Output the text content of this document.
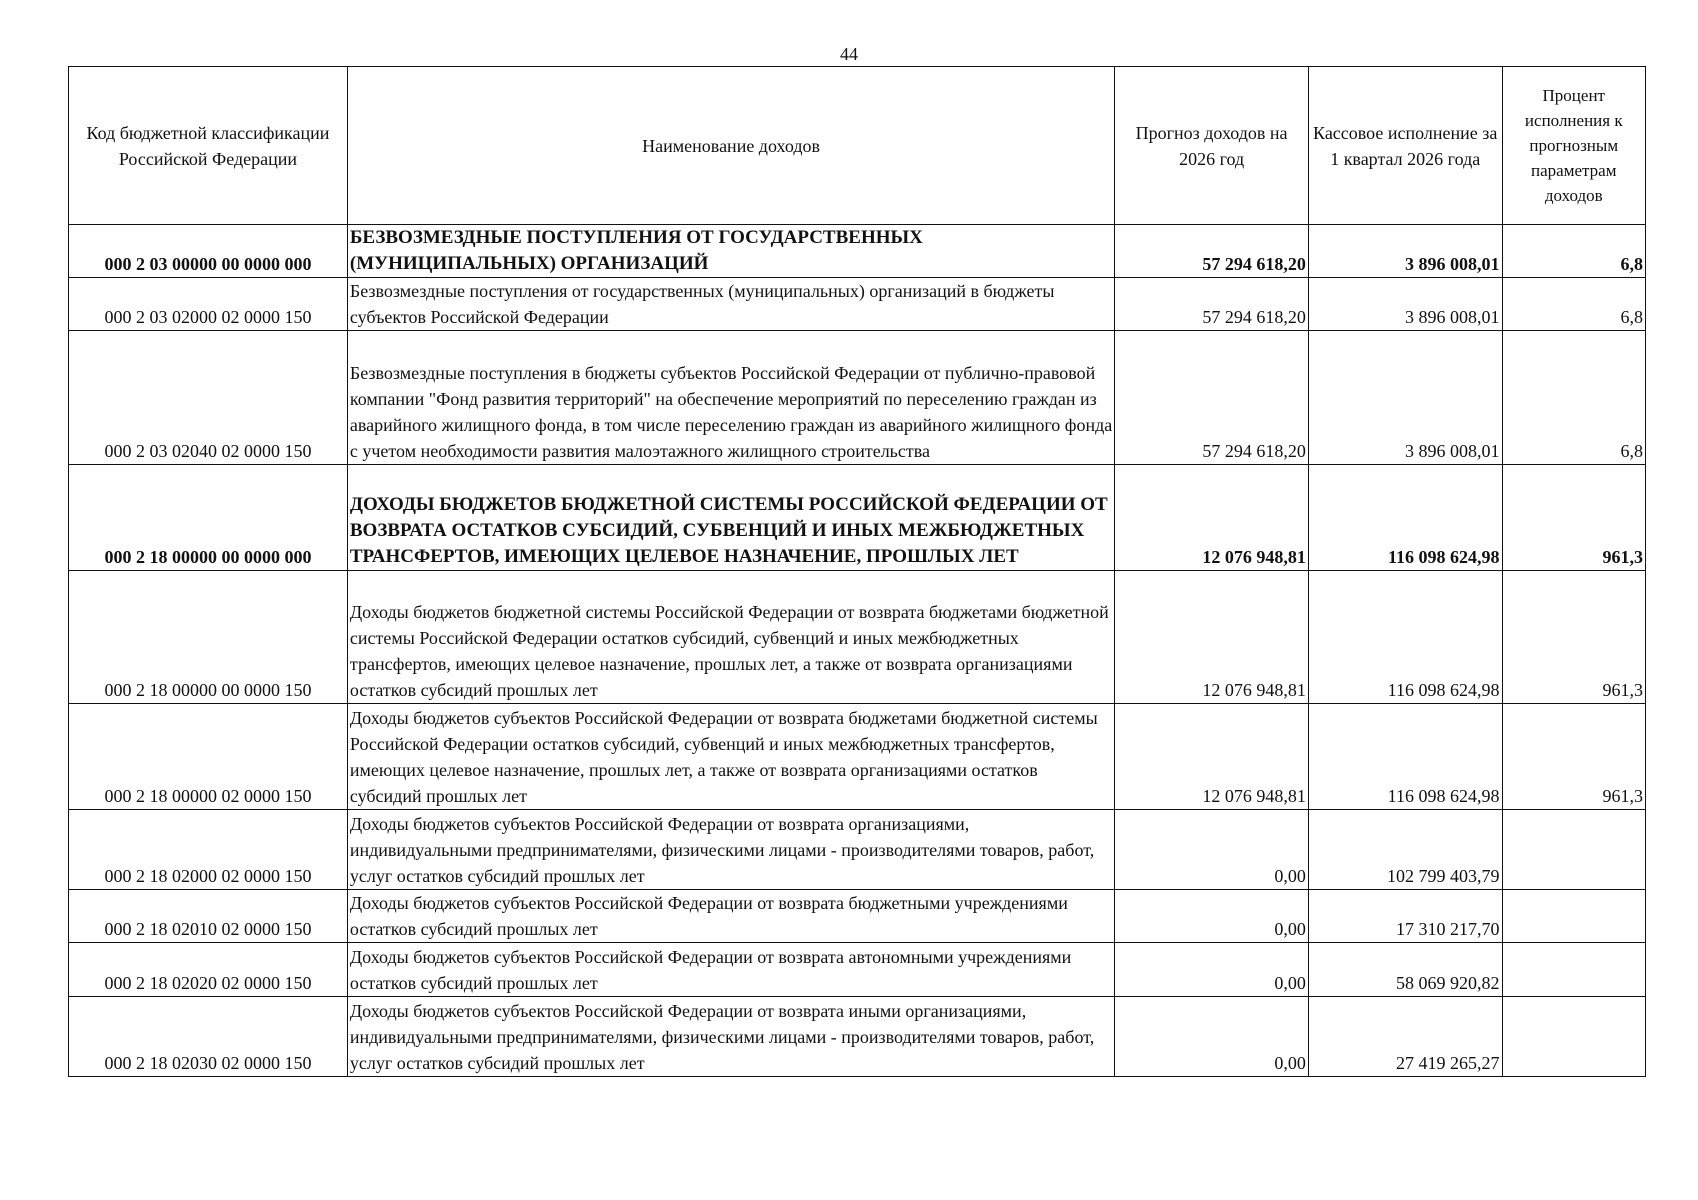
44
Код бюджетной классификации Российской Федерации	Наименование доходов	Прогноз доходов на 2026 год	Кассовое исполнение за 1 квартал 2026 года	Процент исполнения к прогнозным параметрам доходов
000 2 03 00000 00 0000 000	БЕЗВОЗМЕЗДНЫЕ ПОСТУПЛЕНИЯ ОТ ГОСУДАРСТВЕННЫХ (МУНИЦИПАЛЬНЫХ) ОРГАНИЗАЦИЙ	57 294 618,20	3 896 008,01	6,8
000 2 03 02000 02 0000 150	Безвозмездные поступления от государственных (муниципальных) организаций в бюджеты субъектов Российской Федерации	57 294 618,20	3 896 008,01	6,8
000 2 03 02040 02 0000 150	Безвозмездные поступления в бюджеты субъектов Российской Федерации от публично-правовой компании "Фонд развития территорий" на обеспечение мероприятий по переселению граждан из аварийного жилищного фонда, в том числе переселению граждан из аварийного жилищного фонда с учетом необходимости развития малоэтажного жилищного строительства	57 294 618,20	3 896 008,01	6,8
000 2 18 00000 00 0000 000	ДОХОДЫ БЮДЖЕТОВ БЮДЖЕТНОЙ СИСТЕМЫ РОССИЙСКОЙ ФЕДЕРАЦИИ ОТ ВОЗВРАТА ОСТАТКОВ СУБСИДИЙ, СУБВЕНЦИЙ И ИНЫХ МЕЖБЮДЖЕТНЫХ ТРАНСФЕРТОВ, ИМЕЮЩИХ ЦЕЛЕВОЕ НАЗНАЧЕНИЕ, ПРОШЛЫХ ЛЕТ	12 076 948,81	116 098 624,98	961,3
000 2 18 00000 00 0000 150	Доходы бюджетов бюджетной системы Российской Федерации от возврата бюджетами бюджетной системы Российской Федерации остатков субсидий, субвенций и иных межбюджетных трансфертов, имеющих целевое назначение, прошлых лет, а также от возврата организациями остатков субсидий прошлых лет	12 076 948,81	116 098 624,98	961,3
000 2 18 00000 02 0000 150	Доходы бюджетов субъектов Российской Федерации от возврата бюджетами бюджетной системы Российской Федерации остатков субсидий, субвенций и иных межбюджетных трансфертов, имеющих целевое назначение, прошлых лет, а также от возврата организациями остатков субсидий прошлых лет	12 076 948,81	116 098 624,98	961,3
000 2 18 02000 02 0000 150	Доходы бюджетов субъектов Российской Федерации от возврата организациями, индивидуальными предпринимателями, физическими лицами - производителями товаров, работ, услуг остатков субсидий прошлых лет	0,00	102 799 403,79	
000 2 18 02010 02 0000 150	Доходы бюджетов субъектов Российской Федерации от возврата бюджетными учреждениями остатков субсидий прошлых лет	0,00	17 310 217,70	
000 2 18 02020 02 0000 150	Доходы бюджетов субъектов Российской Федерации от возврата автономными учреждениями остатков субсидий прошлых лет	0,00	58 069 920,82	
000 2 18 02030 02 0000 150	Доходы бюджетов субъектов Российской Федерации от возврата иными организациями, индивидуальными предпринимателями, физическими лицами - производителями товаров, работ, услуг остатков субсидий прошлых лет	0,00	27 419 265,27	
